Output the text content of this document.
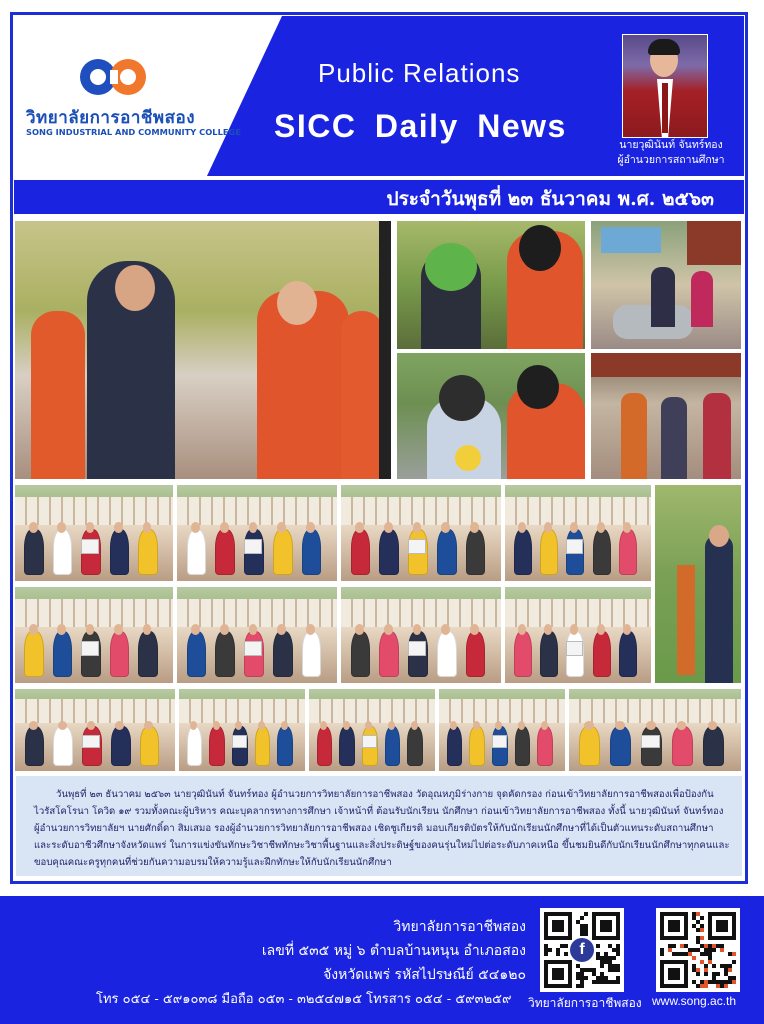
วิทยาลัยการอาชีพสอง
SONG INDUSTRIAL AND COMMUNITY COLLEGE
Public Relations
SICC Daily News
นายวุฒินันท์ จันทร์ทอง
ผู้อำนวยการสถานศึกษา
ประจำวันพุธที่ ๒๓ ธันวาคม พ.ศ. ๒๕๖๓

วันพุธที่ ๒๓ ธันวาคม ๒๕๖๓ นายวุฒินันท์ จันทร์ทอง ผู้อำนวยการวิทยาลัยการอาชีพสอง วัดอุณหภูมิร่างกาย จุดคัดกรอง ก่อนเข้าวิทยาลัยการอาชีพสองเพื่อป้องกันไวรัสโคโรนา โควิด ๑๙ รวมทั้งคณะผู้บริหาร คณะบุคลากรทางการศึกษา เจ้าหน้าที่ ต้อนรับนักเรียน นักศึกษา ก่อนเข้าวิทยาลัยการอาชีพสอง ทั้งนี้ นายวุฒินันท์ จันทร์ทอง ผู้อำนวยการวิทยาลัยฯ นายศักดิ์ดา สิมเสมอ รองผู้อำนวยการวิทยาลัยการอาชีพสอง เชิดชูเกียรติ มอบเกียรติบัตรให้กับนักเรียนนักศึกษาที่ได้เป็นตัวแทนระดับสถานศึกษาและระดับอาชีวศึกษาจังหวัดแพร่ ในการแข่งขันทักษะวิชาชีพทักษะวิชาพื้นฐานและสิ่งประดิษฐ์ของคนรุ่นใหม่ไปต่อระดับภาคเหนือ ขึ้นชมยินดีกับนักเรียนนักศึกษาทุกคนและขอบคุณคณะครูทุกคนที่ช่วยกันความอบรมให้ความรู้และฝึกทักษะให้กับนักเรียนนักศึกษา

วิทยาลัยการอาชีพสอง
เลขที่ ๕๓๕ หมู่ ๖ ตำบลบ้านหนุน อำเภอสอง
จังหวัดแพร่ รหัสไปรษณีย์ ๕๔๑๒๐
โทร ๐๕๔ - ๕๙๑๐๓๘ มือถือ ๐๕๓ - ๓๒๕๔๗๑๕ โทรสาร ๐๕๔ - ๕๙๓๒๕๙
f
วิทยาลัยการอาชีพสอง www.song.ac.th
